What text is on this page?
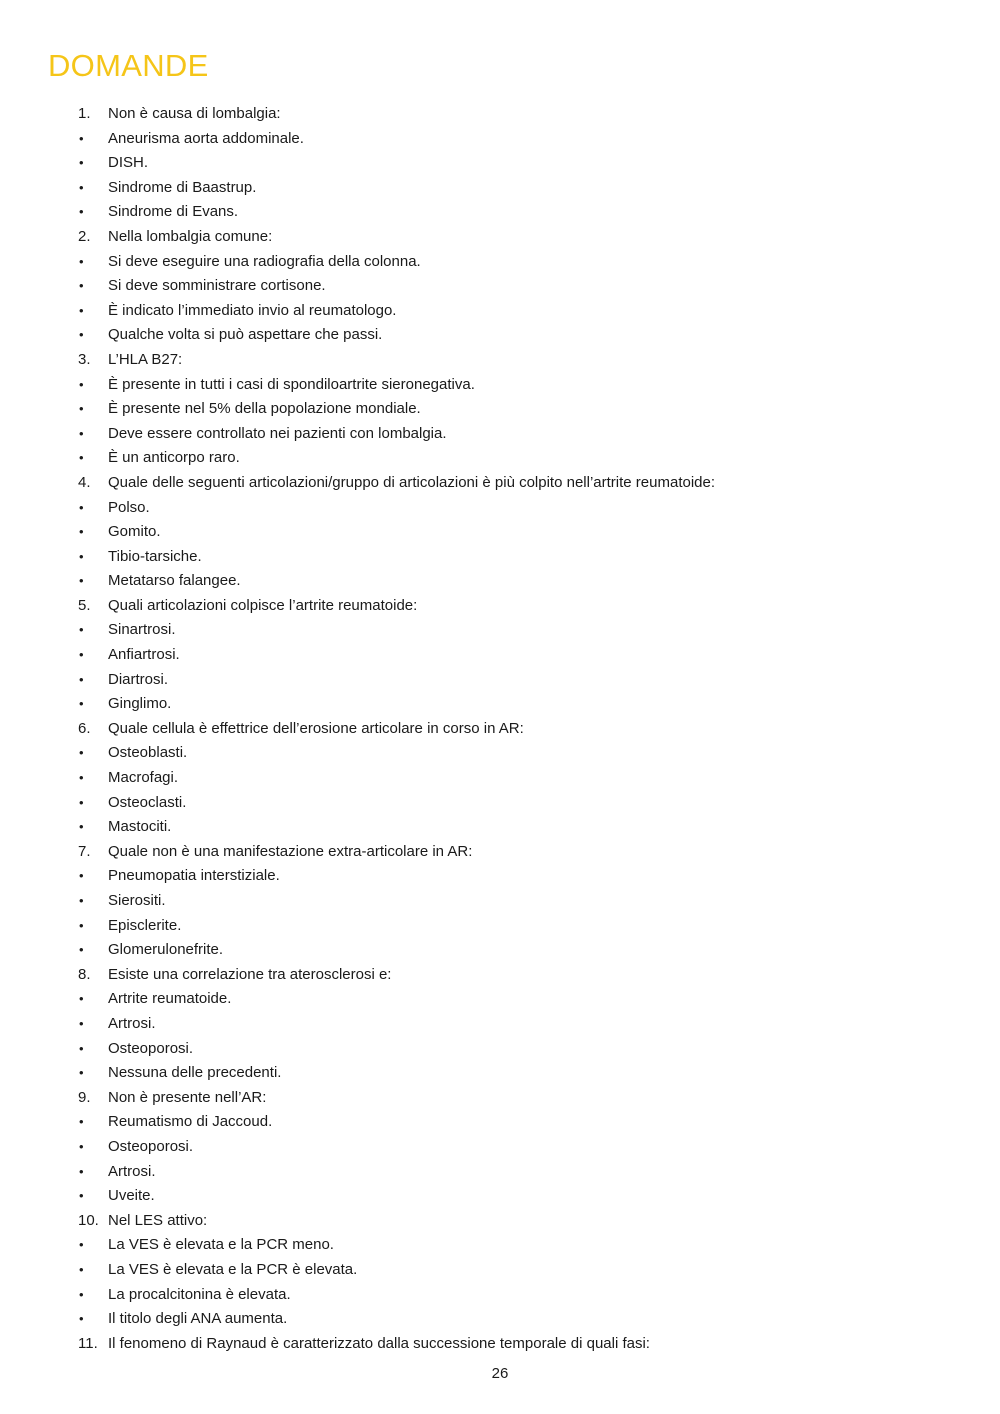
DOMANDE
1.	Non è causa di lombalgia:
•	Aneurisma aorta addominale.
•	DISH.
•	Sindrome di Baastrup.
•	Sindrome di Evans.
2.	Nella lombalgia comune:
•	Si deve eseguire una radiografia della colonna.
•	Si deve somministrare cortisone.
•	È indicato l’immediato invio al reumatologo.
•	Qualche volta si può aspettare che passi.
3.	L’HLA B27:
•	È presente in tutti i casi di spondiloartrite sieronegativa.
•	È presente nel 5% della popolazione mondiale.
•	Deve essere controllato nei pazienti con lombalgia.
•	È un anticorpo raro.
4.	Quale delle seguenti articolazioni/gruppo di articolazioni è più colpito nell’artrite reumatoide:
•	Polso.
•	Gomito.
•	Tibio-tarsiche.
•	Metatarso falangee.
5.	Quali articolazioni colpisce l’artrite reumatoide:
•	Sinartrosi.
•	Anfiartrosi.
•	Diartrosi.
•	Ginglimo.
6.	Quale cellula è effettrice dell’erosione articolare in corso in AR:
•	Osteoblasti.
•	Macrofagi.
•	Osteoclasti.
•	Mastociti.
7.	Quale non è una manifestazione extra-articolare in AR:
•	Pneumopatia interstiziale.
•	Sierositi.
•	Episclerite.
•	Glomerulonefrite.
8.	Esiste una correlazione tra aterosclerosi e:
•	Artrite reumatoide.
•	Artrosi.
•	Osteoporosi.
•	Nessuna delle precedenti.
9.	Non è presente nell’AR:
•	Reumatismo di Jaccoud.
•	Osteoporosi.
•	Artrosi.
•	Uveite.
10. Nel LES attivo:
•	La VES è elevata e la PCR meno.
•	La VES è elevata e la PCR è elevata.
•	La procalcitonina è elevata.
•	Il titolo degli ANA aumenta.
11. Il fenomeno di Raynaud è caratterizzato dalla successione temporale di quali fasi:
26
